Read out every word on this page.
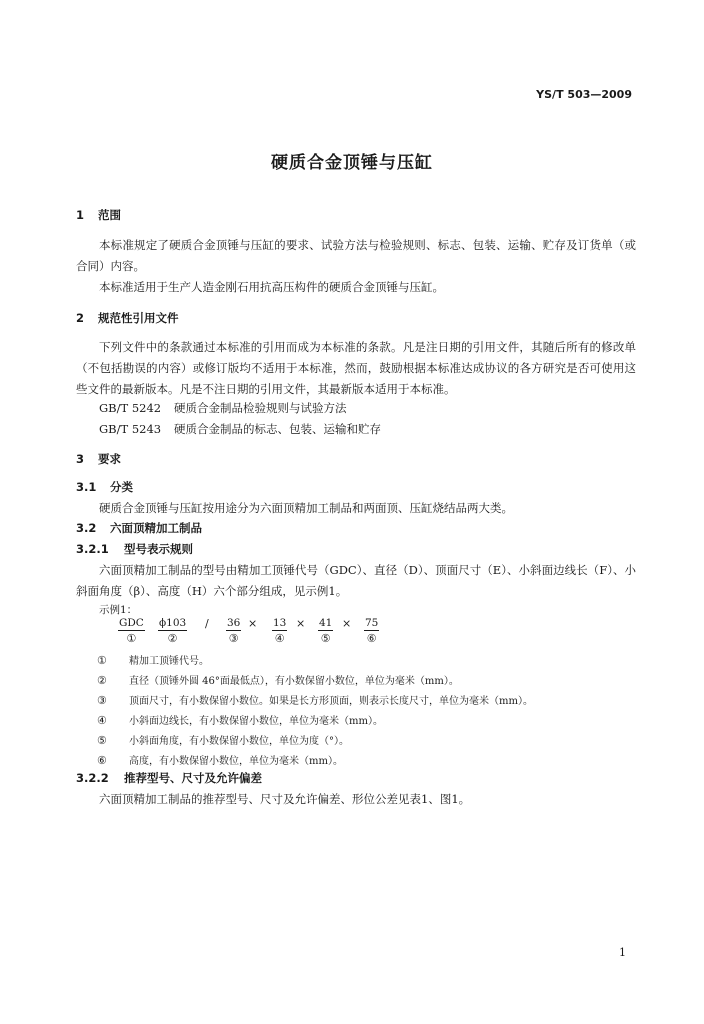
YS/T 503—2009
硬质合金顶锤与压缸
1 范围
本标准规定了硬质合金顶锤与压缸的要求、试验方法与检验规则、标志、包装、运输、贮存及订货单（或合同）内容。
本标准适用于生产人造金刚石用抗高压构件的硬质合金顶锤与压缸。
2 规范性引用文件
下列文件中的条款通过本标准的引用而成为本标准的条款。凡是注日期的引用文件，其随后所有的修改单（不包括勘误的内容）或修订版均不适用于本标准，然而，鼓励根据本标准达成协议的各方研究是否可使用这些文件的最新版本。凡是不注日期的引用文件，其最新版本适用于本标准。
GB/T 5242 硬质合金制品检验规则与试验方法
GB/T 5243 硬质合金制品的标志、包装、运输和贮存
3 要求
3.1 分类
硬质合金顶锤与压缸按用途分为六面顶精加工制品和两面顶、压缸烧结品两大类。
3.2 六面顶精加工制品
3.2.1 型号表示规则
六面顶精加工制品的型号由精加工顶锤代号（GDC）、直径（D）、顶面尺寸（E）、小斜面边线长（F）、小斜面角度（β）、高度（H）六个部分组成，见示例1。
示例1：
GDC
①
ϕ103
②
/ 36
③
× 13
④
× 41
⑤
× 75
⑥
① 精加工顶锤代号。
② 直径（顶锤外圆 46°面最低点），有小数保留小数位，单位为毫米（mm）。
③ 顶面尺寸，有小数保留小数位。如果是长方形顶面，则表示长度尺寸，单位为毫米（mm）。
④ 小斜面边线长，有小数保留小数位，单位为毫米（mm）。
⑤ 小斜面角度，有小数保留小数位，单位为度（°）。
⑥ 高度，有小数保留小数位，单位为毫米（mm）。
3.2.2 推荐型号、尺寸及允许偏差
六面顶精加工制品的推荐型号、尺寸及允许偏差、形位公差见表1、图1。
1
